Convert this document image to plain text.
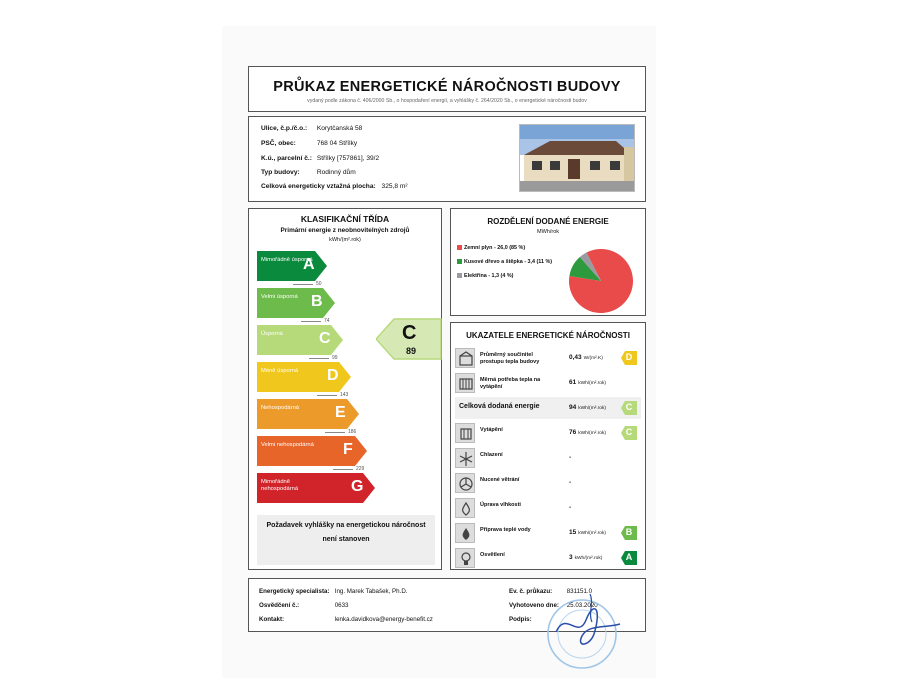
PRŮKAZ ENERGETICKÉ NÁROČNOSTI BUDOVY
vydaný podle zákona č. 406/2000 Sb., o hospodaření energií, a vyhlášky č. 264/2020 Sb., o energetické náročnosti budov
Ulice, č.p./č.o.: Korytčanská 58
PSČ, obec:	768 04 Střílky
K.ú., parcelní č.: Střílky [757861], 39/2
Typ budovy:	Rodinný dům
Celková energeticky vztažná plocha: 325,8 m²
KLASIFIKAČNÍ TŘÍDA
Primární energie z neobnovitelných zdrojů
kWh/(m².rok)
Mimořádně úsporná
A
50
Velmi úsporná B
74
Úsporná	C
99
Méně úsporná	D
143
Nehospodárná	E
186
Velmi nehospodárná	F
229
Mimořádně nehospodárná	G
Požadavek vyhlášky na energetickou náročnost
není stanoven
C
89
ROZDĚLENÍ DODANÉ ENERGIE
MWh/rok
Zemní plyn - 26,0 (85 %)
Kusové dřevo a štěpka - 3,4 (11 %)
Elektřina - 1,3 (4 %)
UKAZATELE ENERGETICKÉ NÁROČNOSTI
Průměrný součinitel prostupu tepla budovy
0,43 W/(m².K)	D
Měrná potřeba tepla na vytápění
61 kWh/(m².rok)
Celková dodaná energie	94 kWh/(m².rok)	C
Vytápění	76 kWh/(m².rok)	C
Chlazení	-
Nucené větrání	-
Úprava vlhkosti	-
Příprava teplé vody	15 kWh/(m².rok)	B
Osvětlení	3 kWh/(m².rok)	A
Energetický specialista: Ing. Marek Tabašek, Ph.D.
Osvědčení č.:	0633
Kontakt:	lenka.davidkova@energy-benefit.cz
Ev. č. průkazu: 831151.0
Vyhotoveno dne: 25.03.2020
Podpis:
